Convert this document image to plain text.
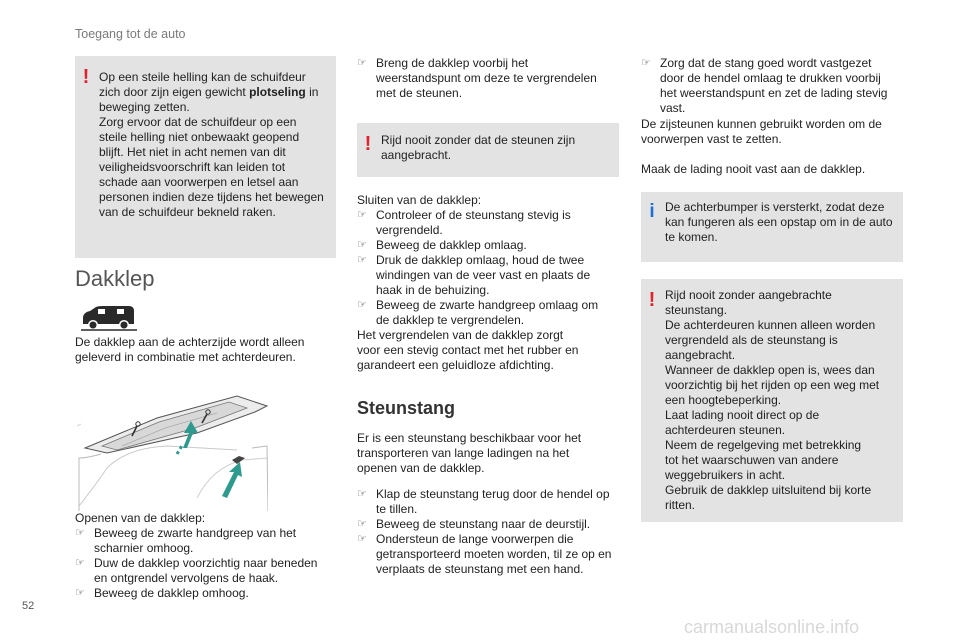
Toegang tot de auto
! Op een steile helling kan de schuifdeur
zich door zijn eigen gewicht plotseling in
beweging zetten.
Zorg ervoor dat de schuifdeur op een
steile helling niet onbewaakt geopend
blijft. Het niet in acht nemen van dit
veiligheidsvoorschrift kan leiden tot
schade aan voorwerpen en letsel aan
personen indien deze tijdens het bewegen
van de schuifdeur bekneld raken.
Dakklep
De dakklep aan de achterzijde wordt alleen
geleverd in combinatie met achterdeuren.
Openen van de dakklep:
☞ Beweeg de zwarte handgreep van het
scharnier omhoog.
☞ Duw de dakklep voorzichtig naar beneden
en ontgrendel vervolgens de haak.
☞ Beweeg de dakklep omhoog.
☞ Breng de dakklep voorbij het
weerstandspunt om deze te vergrendelen
met de steunen.
! Rijd nooit zonder dat de steunen zijn
aangebracht.
Sluiten van de dakklep:
☞ Controleer of de steunstang stevig is
vergrendeld.
☞ Beweeg de dakklep omlaag.
☞ Druk de dakklep omlaag, houd de twee
windingen van de veer vast en plaats de
haak in de behuizing.
☞ Beweeg de zwarte handgreep omlaag om
de dakklep te vergrendelen.
Het vergrendelen van de dakklep zorgt
voor een stevig contact met het rubber en
garandeert een geluidloze afdichting.
Steunstang
Er is een steunstang beschikbaar voor het
transporteren van lange ladingen na het
openen van de dakklep.
☞ Klap de steunstang terug door de hendel op
te tillen.
☞ Beweeg de steunstang naar de deurstijl.
☞ Ondersteun de lange voorwerpen die
getransporteerd moeten worden, til ze op en
verplaats de steunstang met een hand.
☞ Zorg dat de stang goed wordt vastgezet
door de hendel omlaag te drukken voorbij
het weerstandspunt en zet de lading stevig
vast.
De zijsteunen kunnen gebruikt worden om de
voorwerpen vast te zetten.
Maak de lading nooit vast aan de dakklep.
i De achterbumper is versterkt, zodat deze
kan fungeren als een opstap om in de auto
te komen.
! Rijd nooit zonder aangebrachte
steunstang.
De achterdeuren kunnen alleen worden
vergrendeld als de steunstang is
aangebracht.
Wanneer de dakklep open is, wees dan
voorzichtig bij het rijden op een weg met
een hoogtebeperking.
Laat lading nooit direct op de
achterdeuren steunen.
Neem de regelgeving met betrekking
tot het waarschuwen van andere
weggebruikers in acht.
Gebruik de dakklep uitsluitend bij korte
ritten.
52
carmanualsonline.info
